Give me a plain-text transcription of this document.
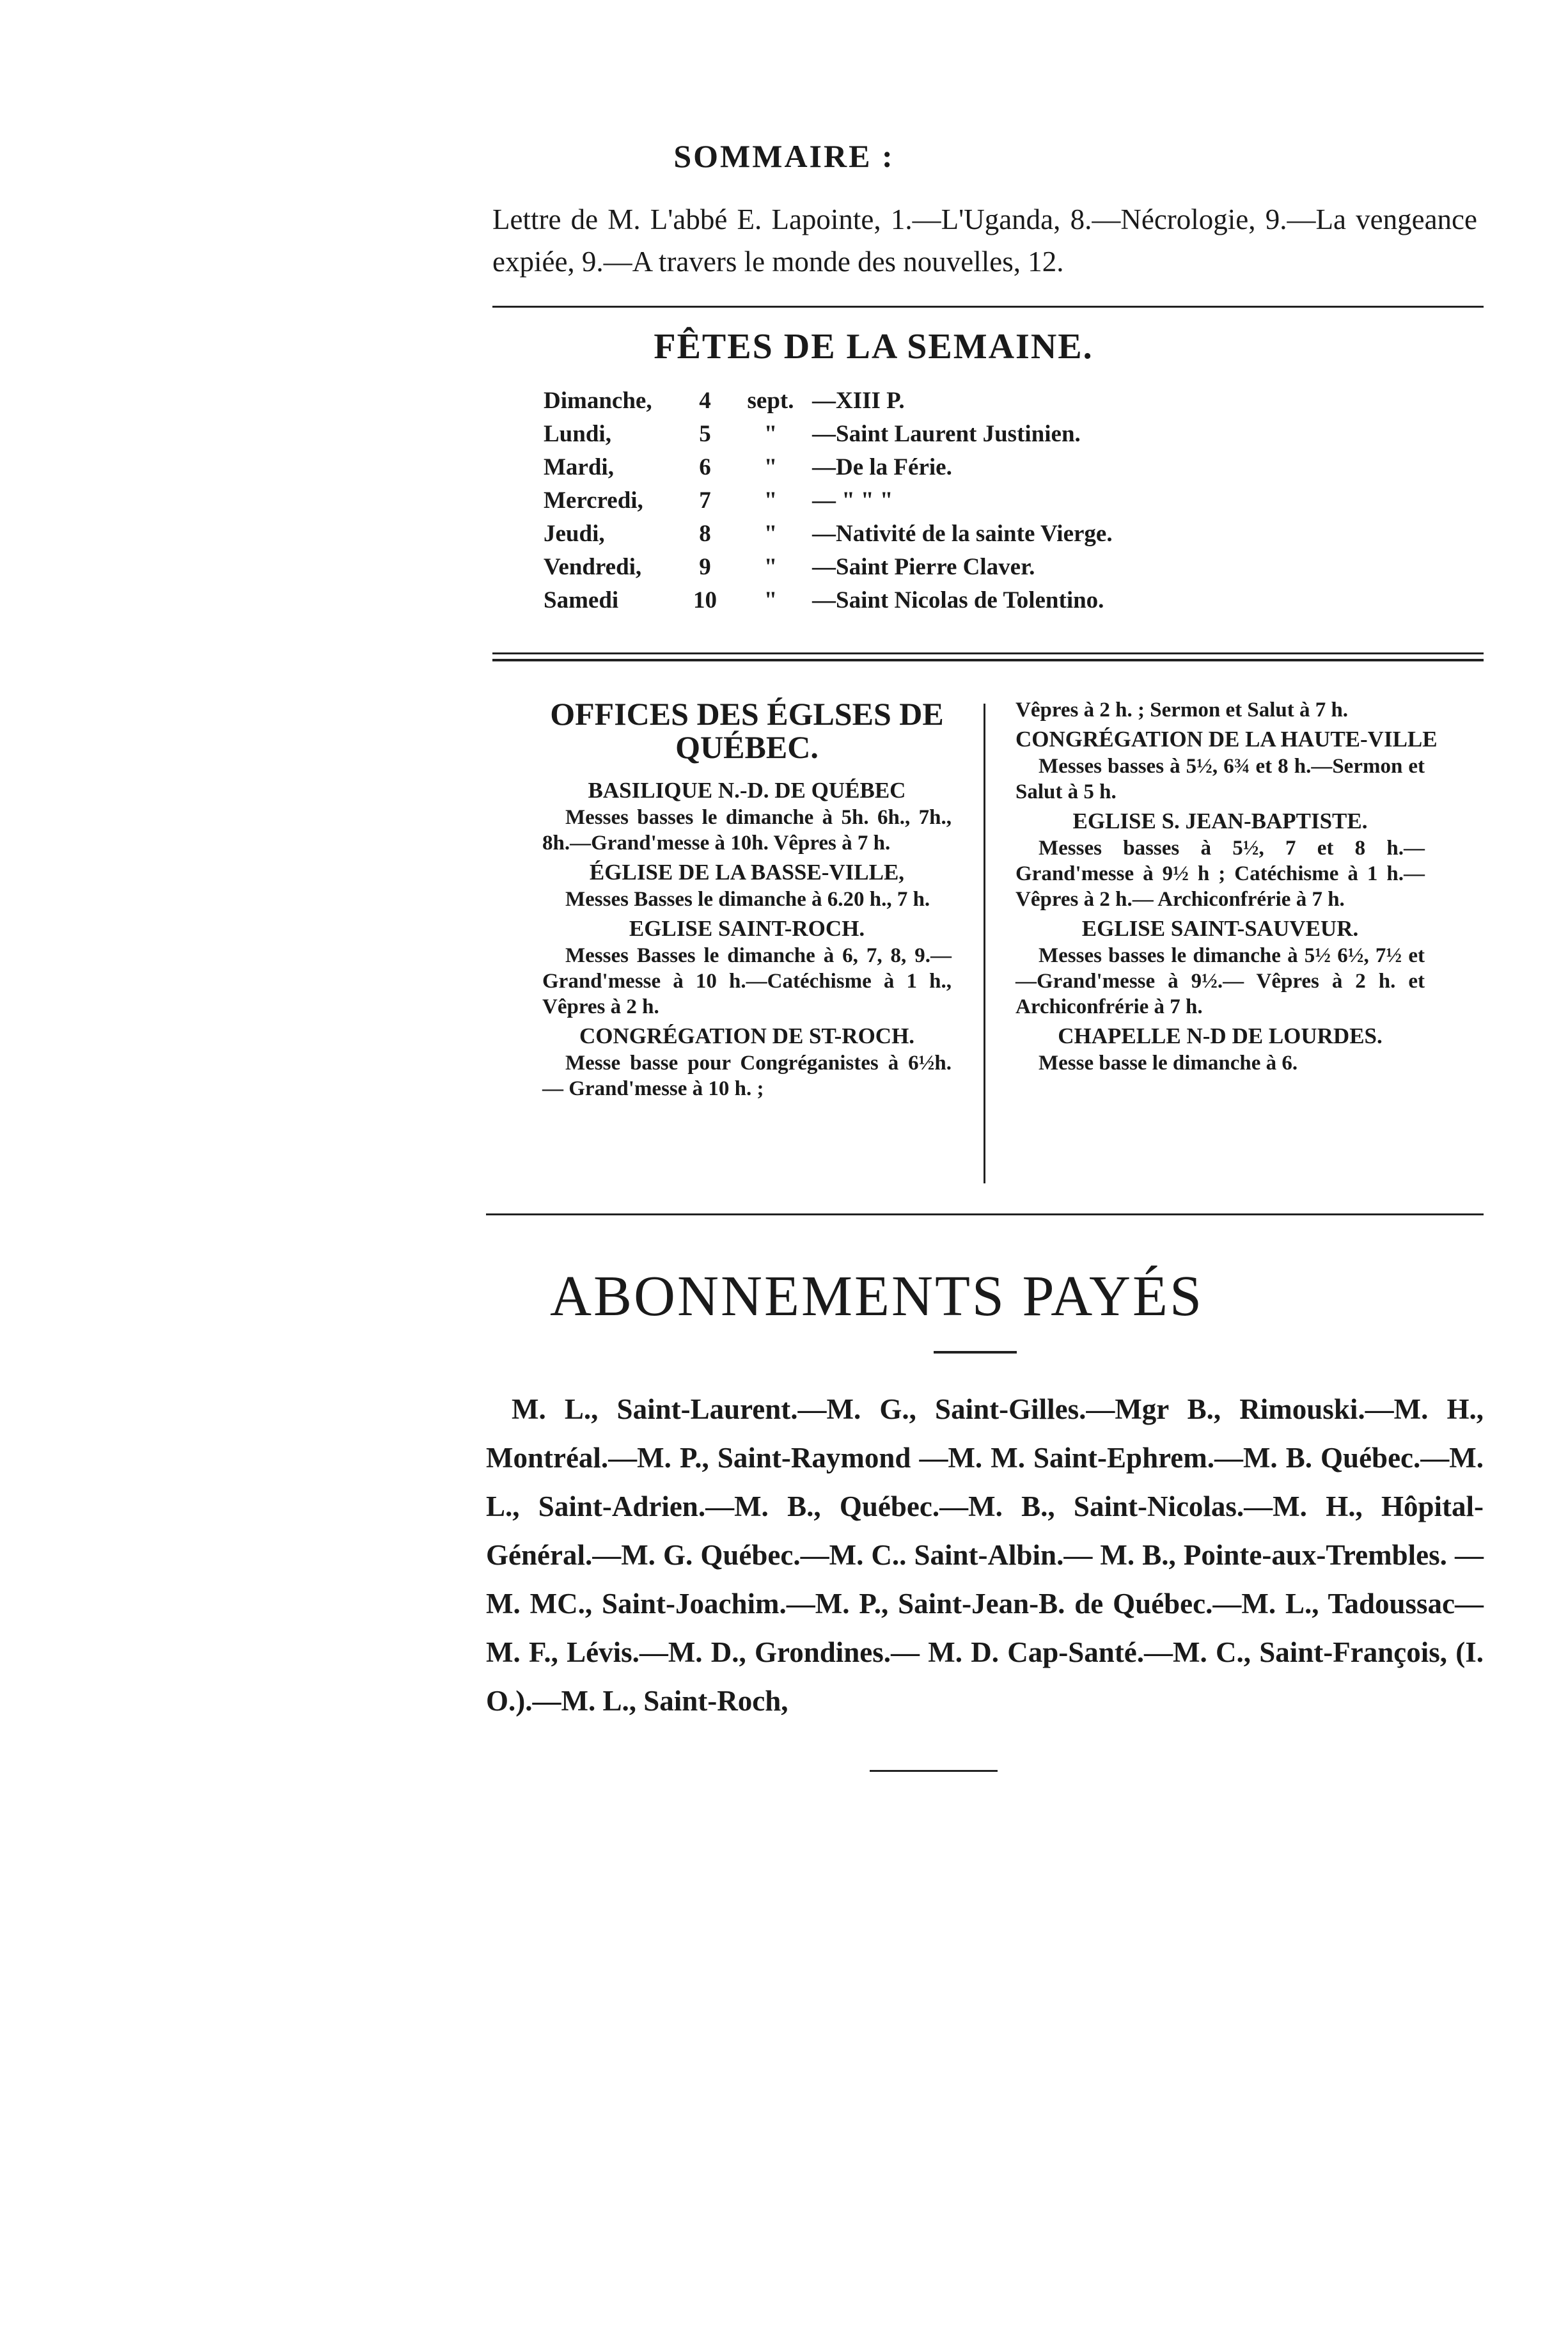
SOMMAIRE :
Lettre de M. L'abbé E. Lapointe, 1.—L'Uganda, 8.—Nécrologie, 9.—La vengeance expiée, 9.—A travers le monde des nouvelles, 12.
FÊTES DE LA SEMAINE.
Dimanche,	4	sept.	—XIII P.
Lundi,	5	"	—Saint Laurent Justinien.
Mardi,	6	"	—De la Férie.
Mercredi,	7	"	— " " "
Jeudi,	8	"	—Nativité de la sainte Vierge.
Vendredi,	9	"	—Saint Pierre Claver.
Samedi	10	"	—Saint Nicolas de Tolentino.
OFFICES DES ÉGLSES DE QUÉBEC.
BASILIQUE N.-D. DE QUÉBEC
Messes basses le dimanche à 5h. 6h., 7h., 8h.—Grand'messe à 10h. Vêpres à 7 h.
ÉGLISE DE LA BASSE-VILLE,
Messes Basses le dimanche à 6.20 h., 7 h.
EGLISE SAINT-ROCH.
Messes Basses le dimanche à 6, 7, 8, 9.—Grand'messe à 10 h.—Catéchisme à 1 h., Vêpres à 2 h.
CONGRÉGATION DE ST-ROCH.
Messe basse pour Congréganistes à 6½h. — Grand'messe à 10 h. ;
Vêpres à 2 h. ; Sermon et Salut à 7 h.
CONGRÉGATION DE LA HAUTE-VILLE
Messes basses à 5½, 6¾ et 8 h.—Sermon et Salut à 5 h.
EGLISE S. JEAN-BAPTISTE.
Messes basses à 5½, 7 et 8 h.—Grand'messe à 9½ h ; Catéchisme à 1 h.— Vêpres à 2 h.— Archiconfrérie à 7 h.
EGLISE SAINT-SAUVEUR.
Messes basses le dimanche à 5½ 6½, 7½ et —Grand'messe à 9½.— Vêpres à 2 h. et Archiconfrérie à 7 h.
CHAPELLE N-D DE LOURDES.
Messe basse le dimanche à 6.
ABONNEMENTS PAYÉS
M. L., Saint-Laurent.—M. G., Saint-Gilles.—Mgr B., Rimouski.—M. H., Montréal.—M. P., Saint-Raymond —M. M. Saint-Ephrem.—M. B. Québec.—M. L., Saint-Adrien.—M. B., Québec.—M. B., Saint-Nicolas.—M. H., Hôpital-Général.—M. G. Québec.—M. C.. Saint-Albin.— M. B., Pointe-aux-Trembles. —M. MC., Saint-Joachim.—M. P., Saint-Jean-B. de Québec.—M. L., Tadoussac—M. F., Lévis.—M. D., Grondines.— M. D. Cap-Santé.—M. C., Saint-François, (I. O.).—M. L., Saint-Roch,
